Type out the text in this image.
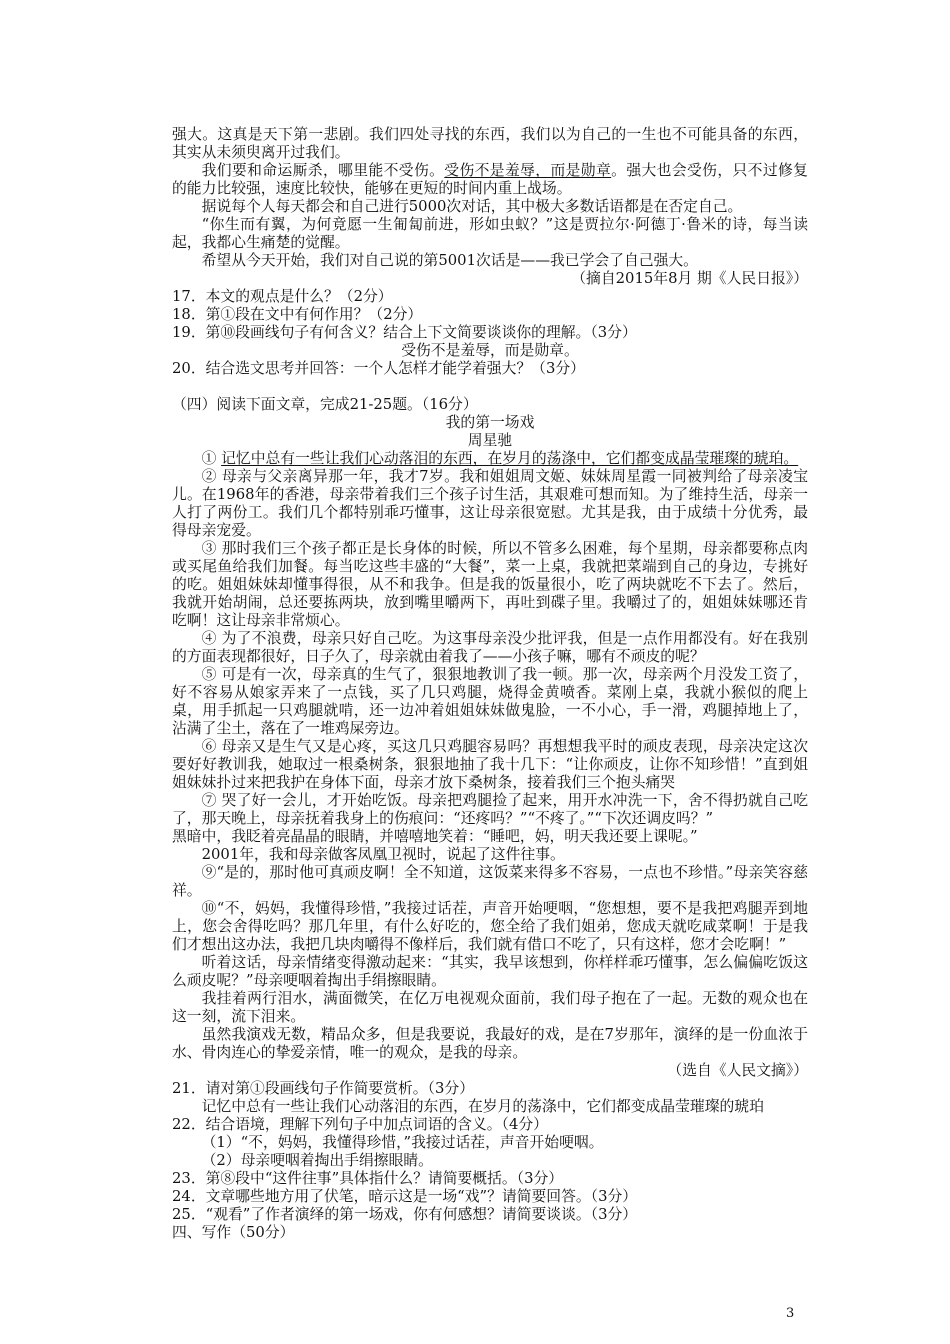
强大。这真是天下第一悲剧。我们四处寻找的东西，我们以为自己的一生也不可能具备的东西，其实从未须臾离开过我们。

我们要和命运厮杀，哪里能不受伤。受伤不是羞辱，而是勋章。强大也会受伤，只不过修复的能力比较强，速度比较快，能够在更短的时间内重上战场。

据说每个人每天都会和自己进行5000次对话，其中极大多数话语都是在否定自己。

“你生而有翼，为何竟愿一生匍匐前进，形如虫蚁？”这是贾拉尔·阿德丁·鲁米的诗，每当读起，我都心生痛楚的觉醒。

希望从今天开始，我们对自己说的第5001次话是——我已学会了自己强大。

（摘自2015年8月 期《人民日报》）

17．本文的观点是什么？（2分）

18．第①段在文中有何作用？（2分）

19．第⑩段画线句子有何含义？结合上下文简要谈谈你的理解。（3分）

受伤不是羞辱，而是勋章。

20．结合选文思考并回答：一个人怎样才能学着强大？（3分）

（四）阅读下面文章，完成21-25题。（16分）

我的第一场戏

周星驰

① 记忆中总有一些让我们心动落泪的东西，在岁月的荡涤中，它们都变成晶莹璀璨的琥珀。

② 母亲与父亲离异那一年，我才7岁。我和姐姐周文姬、妹妹周星霞一同被判给了母亲凌宝儿。在1968年的香港，母亲带着我们三个孩子讨生活，其艰难可想而知。为了维持生活，母亲一人打了两份工。我们几个都特别乖巧懂事，这让母亲很宽慰。尤其是我，由于成绩十分优秀，最得母亲宠爱。

③ 那时我们三个孩子都正是长身体的时候，所以不管多么困难，每个星期，母亲都要称点肉或买尾鱼给我们加餐。每当吃这些丰盛的“大餐”，菜一上桌，我就把菜端到自己的身边，专挑好的吃。姐姐妹妹却懂事得很，从不和我争。但是我的饭量很小，吃了两块就吃不下去了。然后，我就开始胡闹，总还要拣两块，放到嘴里嚼两下，再吐到碟子里。我嚼过了的，姐姐妹妹哪还肯吃啊！这让母亲非常烦心。

④ 为了不浪费，母亲只好自己吃。为这事母亲没少批评我，但是一点作用都没有。好在我别的方面表现都很好，日子久了，母亲就由着我了——小孩子嘛，哪有不顽皮的呢？

⑤ 可是有一次，母亲真的生气了，狠狠地教训了我一顿。那一次，母亲两个月没发工资了，好不容易从娘家弄来了一点钱，买了几只鸡腿，烧得金黄喷香。菜刚上桌，我就小猴似的爬上桌，用手抓起一只鸡腿就啃，还一边冲着姐姐妹妹做鬼脸，一不小心，手一滑，鸡腿掉地上了，沾满了尘土，落在了一堆鸡屎旁边。

⑥ 母亲又是生气又是心疼，买这几只鸡腿容易吗？再想想我平时的顽皮表现，母亲决定这次要好好教训我，她取过一根桑树条，狠狠地抽了我十几下：“让你顽皮，让你不知珍惜！”直到姐姐妹妹扑过来把我护在身体下面，母亲才放下桑树条，接着我们三个抱头痛哭

⑦ 哭了好一会儿，才开始吃饭。母亲把鸡腿捡了起来，用开水冲洗一下，舍不得扔就自己吃了，那天晚上，母亲抚着我身上的伤痕问：“还疼吗？”“不疼了。”“下次还调皮吗？”

黑暗中，我眨着亮晶晶的眼睛，并嘻嘻地笑着：“睡吧，妈，明天我还要上课呢。”

2001年，我和母亲做客凤凰卫视时，说起了这件往事。

⑨“是的，那时他可真顽皮啊！全不知道，这饭菜来得多不容易，一点也不珍惜。”母亲笑容慈祥。

⑩“不，妈妈，我懂得珍惜，”我接过话茬，声音开始哽咽，“您想想，要不是我把鸡腿弄到地上，您会舍得吃吗？那几年里，有什么好吃的，您全给了我们姐弟，您成天就吃咸菜啊！于是我们才想出这办法，我把几块肉嚼得不像样后，我们就有借口不吃了，只有这样，您才会吃啊！”

听着这话，母亲情绪变得激动起来：“其实，我早该想到，你样样乖巧懂事，怎么偏偏吃饭这么顽皮呢？”母亲哽咽着掏出手绢擦眼睛。

我挂着两行泪水，满面微笑，在亿万电视观众面前，我们母子抱在了一起。无数的观众也在这一刻，流下泪来。

虽然我演戏无数，精品众多，但是我要说，我最好的戏，是在7岁那年，演绎的是一份血浓于水、骨肉连心的挚爱亲情，唯一的观众，是我的母亲。

（选自《人民文摘》）

21．请对第①段画线句子作简要赏析。（3分）

记忆中总有一些让我们心动落泪的东西，在岁月的荡涤中，它们都变成晶莹璀璨的琥珀

22．结合语境，理解下列句子中加点词语的含义。（4分）

（1）“不，妈妈，我懂得珍惜，”我接过话茬，声音开始哽咽。

（2）母亲哽咽着掏出手绢擦眼睛。

23．第⑧段中“这件往事”具体指什么？请简要概括。（3分）

24．文章哪些地方用了伏笔，暗示这是一场“戏”？请简要回答。（3分）

25．“观看”了作者演绎的第一场戏，你有何感想？请简要谈谈。（3分）

四、写作（50分）

3
